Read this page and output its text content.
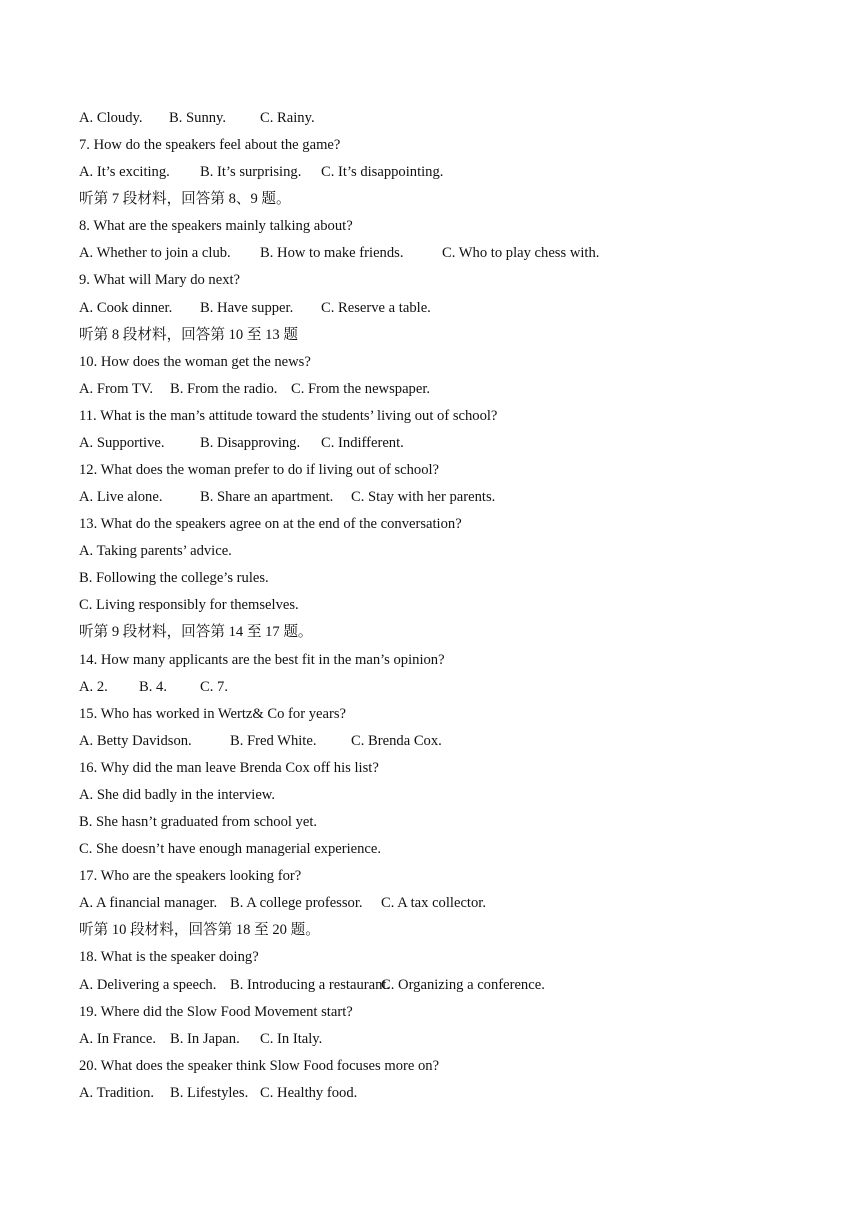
A. Cloudy. B. Sunny. C. Rainy.
7. How do the speakers feel about the game?
A. It’s exciting. B. It’s surprising. C. It’s disappointing.
听第 7 段材料，回答第 8、9 题。
8. What are the speakers mainly talking about?
A. Whether to join a club. B. How to make friends.	C. Who to play chess with.
9. What will Mary do next?
A. Cook dinner. B. Have supper. C. Reserve a table.
听第 8 段材料，回答第 10 至 13 题
10. How does the woman get the news?
A. From TV. B. From the radio. C. From the newspaper.
11. What is the man’s attitude toward the students’ living out of school?
A. Supportive. B. Disapproving. C. Indifferent.
12. What does the woman prefer to do if living out of school?
A. Live alone.	B. Share an apartment. C. Stay with her parents.
13. What do the speakers agree on at the end of the conversation?
A. Taking parents’ advice.
B. Following the college’s rules.
C. Living responsibly for themselves.
听第 9 段材料，回答第 14 至 17 题。
14. How many applicants are the best fit in the man’s opinion?
A. 2. B. 4. C. 7.
15. Who has worked in Wertz& Co for years?
A. Betty Davidson.	B. Fred White. C. Brenda Cox.
16. Why did the man leave Brenda Cox off his list?
A. She did badly in the interview.
B. She hasn’t graduated from school yet.
C. She doesn’t have enough managerial experience.
17. Who are the speakers looking for?
A. A financial manager. B. A college professor. C. A tax collector.
听第 10 段材料，回答第 18 至 20 题。
18. What is the speaker doing?
A. Delivering a speech. B. Introducing a restaurant.
C. Organizing a conference.
19. Where did the Slow Food Movement start?
A. In France. B. In Japan. C. In Italy.
20. What does the speaker think Slow Food focuses more on?
A. Tradition. B. Lifestyles. C. Healthy food.
